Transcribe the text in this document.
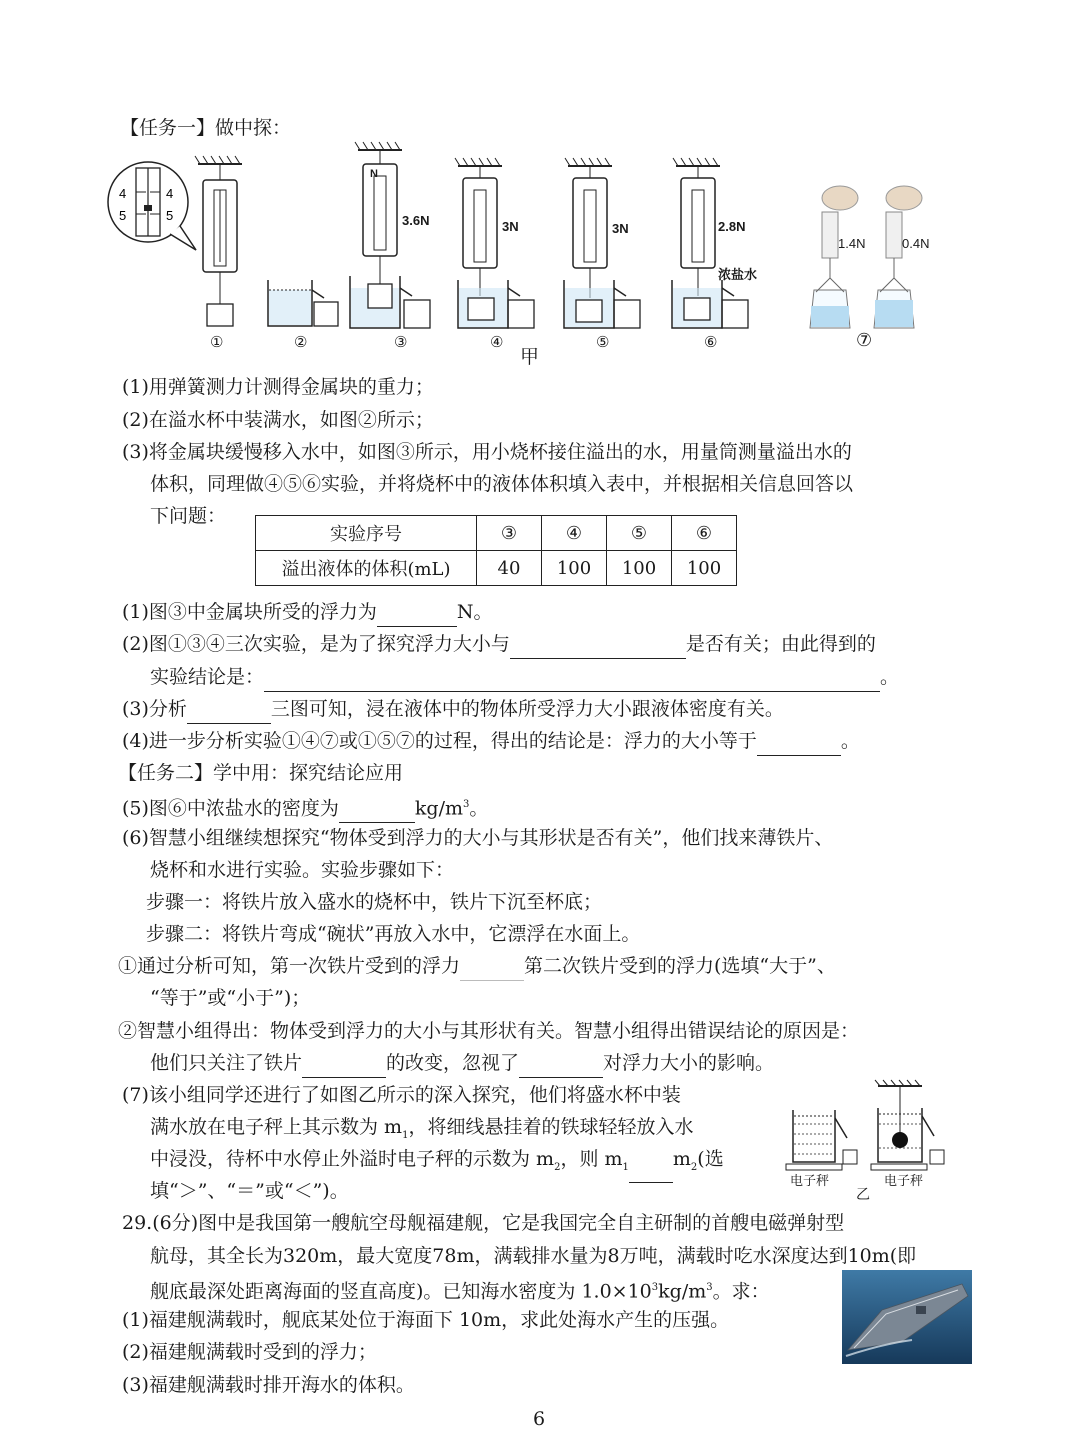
【任务一】做中探：
4
5
4
5
N
3.6N	3N	3N	2.8N
浓盐水
1.4N	0.4N
①	②	③	④	⑤	⑥	⑦
甲
(1)用弹簧测力计测得金属块的重力；
(2)在溢水杯中装满水，如图②所示；
(3)将金属块缓慢移入水中，如图③所示，用小烧杯接住溢出的水，用量筒测量溢出水的
体积，同理做④⑤⑥实验，并将烧杯中的液体体积填入表中，并根据相关信息回答以
下问题：
实验序号	③	④	⑤	⑥
溢出液体的体积(mL)	40	100	100	100
(1)图③中金属块所受的浮力为	N。
(2)图①③④三次实验，是为了探究浮力大小与	是否有关；由此得到的
实验结论是：	。
(3)分析	三图可知，浸在液体中的物体所受浮力大小跟液体密度有关。
(4)进一步分析实验①④⑦或①⑤⑦的过程，得出的结论是：浮力的大小等于	。
【任务二】学中用：探究结论应用
(5)图⑥中浓盐水的密度为	$kg/m^3$。
(6)智慧小组继续想探究“物体受到浮力的大小与其形状是否有关”，他们找来薄铁片、
烧杯和水进行实验。实验步骤如下：
步骤一：将铁片放入盛水的烧杯中，铁片下沉至杯底；
步骤二：将铁片弯成“碗状”再放入水中，它漂浮在水面上。
①通过分析可知，第一次铁片受到的浮力	第二次铁片受到的浮力(选填“大于”、
“等于”或“小于”)；
②智慧小组得出：物体受到浮力的大小与其形状有关。智慧小组得出错误结论的原因是：
他们只关注了铁片	的改变，忽视了	对浮力大小的影响。
(7)该小组同学还进行了如图乙所示的深入探究，他们将盛水杯中装
满水放在电子秤上其示数为 $m_1$，将细线悬挂着的铁球轻轻放入水
中浸没，待杯中水停止外溢时电子秤的示数为 $m_2$，则 $m_1$ $m_2$(选
填“＞”、“＝”或“＜”)。	电子秤	电子秤
乙
29.(6分)图中是我国第一艘航空母舰福建舰，它是我国完全自主研制的首艘电磁弹射型
航母，其全长为320m，最大宽度78m，满载排水量为8万吨，满载时吃水深度达到10m(即
舰底最深处距离海面的竖直高度)。已知海水密度为 $1.0\times 10^3kg/m^3$。求：
(1)福建舰满载时，舰底某处位于海面下 10m，求此处海水产生的压强。
(2)福建舰满载时受到的浮力；
(3)福建舰满载时排开海水的体积。
6
